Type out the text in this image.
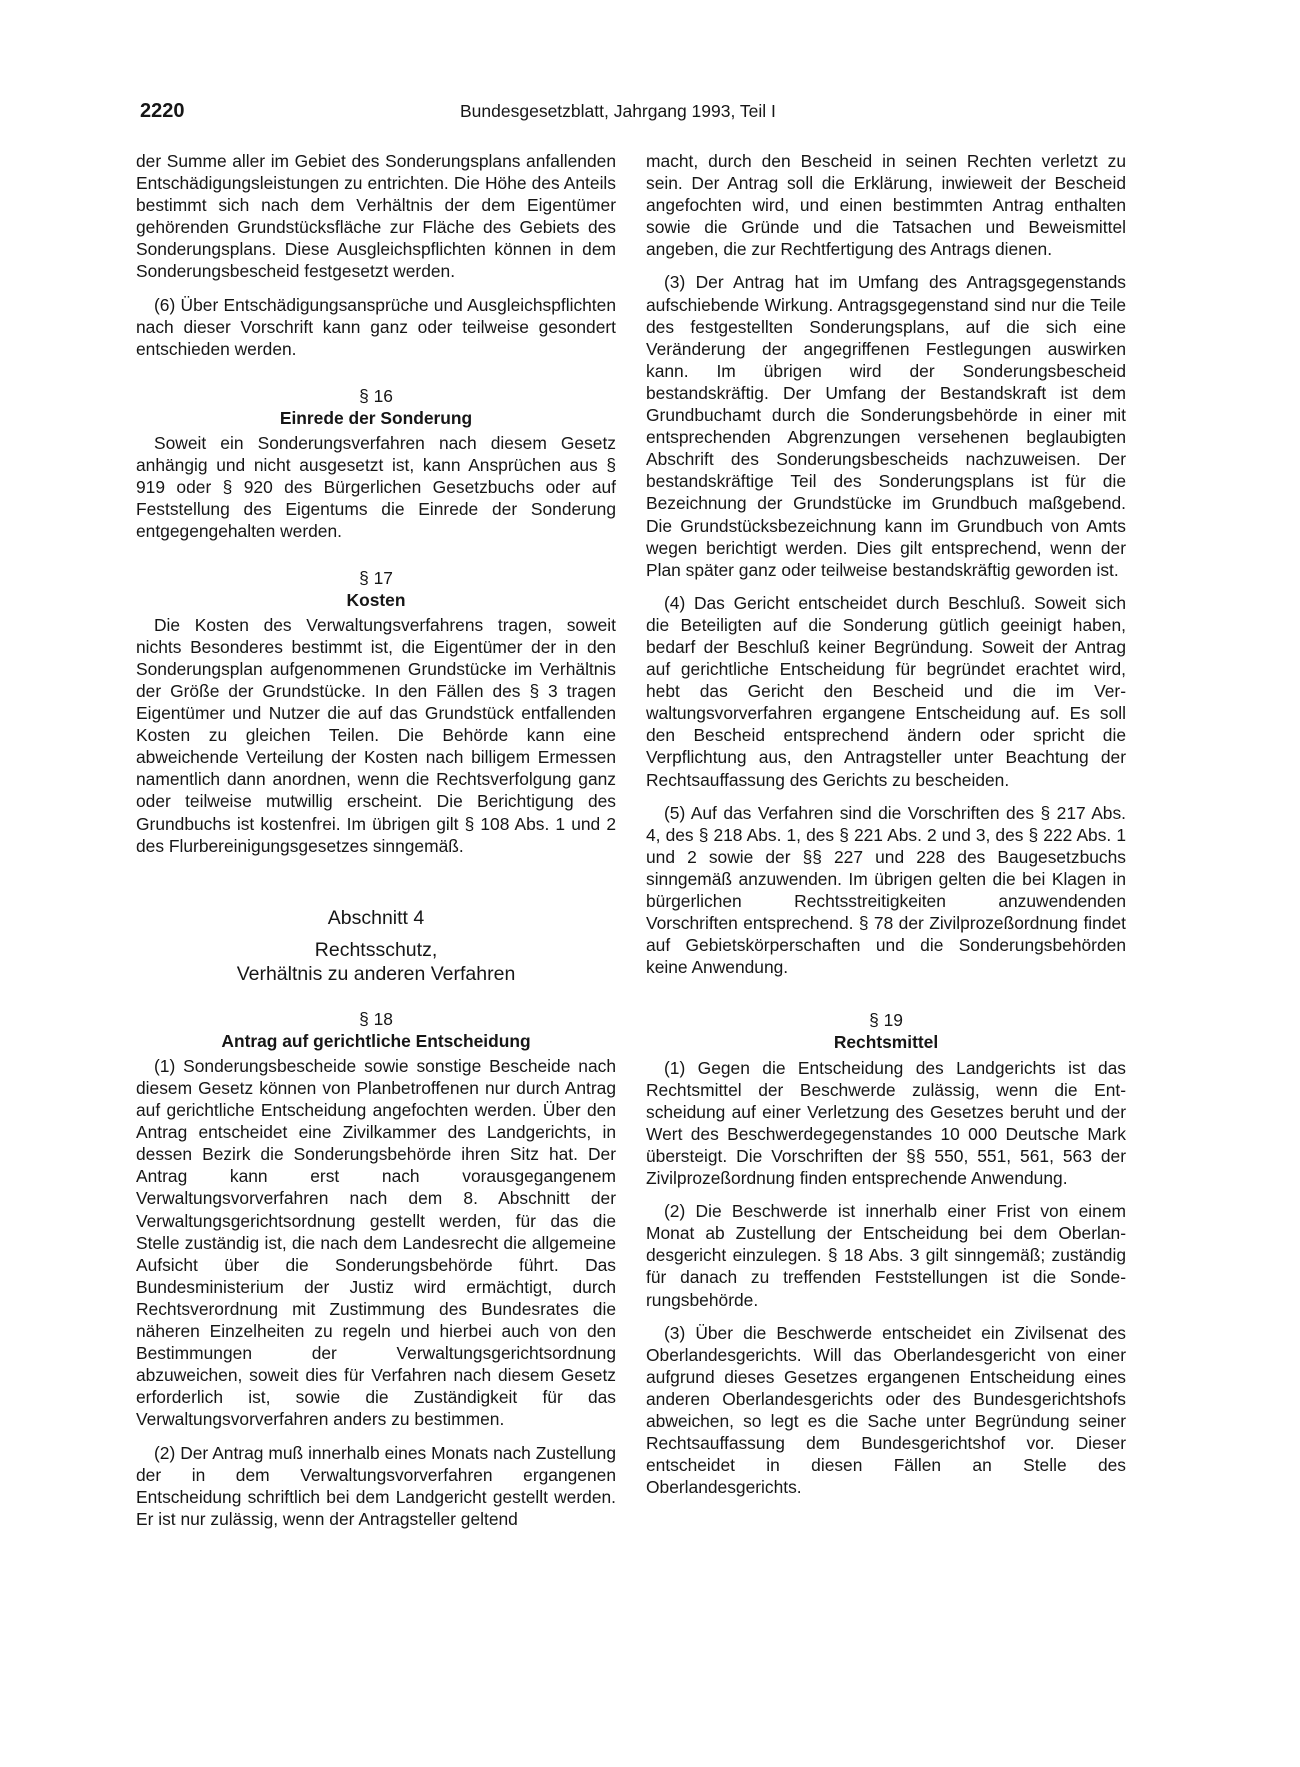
2220	Bundesgesetzblatt, Jahrgang 1993, Teil I

der Summe aller im Gebiet des Sonderungsplans anfallenden Entschädigungsleistungen zu entrichten. Die Höhe des Anteils bestimmt sich nach dem Verhältnis der dem Eigentümer gehörenden Grundstücksfläche zur Fläche des Gebiets des Sonderungsplans. Diese Ausgleichspflichten können in dem Sonderungsbescheid festgesetzt werden.

(6) Über Entschädigungsansprüche und Ausgleichspflichten nach dieser Vorschrift kann ganz oder teilweise gesondert entschieden werden.

§ 16

Einrede der Sonderung

Soweit ein Sonderungsverfahren nach diesem Gesetz anhängig und nicht ausgesetzt ist, kann Ansprüchen aus § 919 oder § 920 des Bürgerlichen Gesetzbuchs oder auf Feststellung des Eigentums die Einrede der Sonderung entgegengehalten werden.

§ 17

Kosten

Die Kosten des Verwaltungsverfahrens tragen, soweit nichts Besonderes bestimmt ist, die Eigentümer der in den Sonderungsplan aufgenommenen Grundstücke im Verhältnis der Größe der Grundstücke. In den Fällen des § 3 tragen Eigentümer und Nutzer die auf das Grundstück entfallenden Kosten zu gleichen Teilen. Die Behörde kann eine abweichende Verteilung der Kosten nach billigem Ermessen namentlich dann anordnen, wenn die Rechtsverfolgung ganz oder teilweise mutwillig erscheint. Die Berichtigung des Grundbuchs ist kostenfrei. Im übrigen gilt § 108 Abs. 1 und 2 des Flurbereinigungsgesetzes sinngemäß.

Abschnitt 4

Rechtsschutz,

Verhältnis zu anderen Verfahren

§ 18

Antrag auf gerichtliche Entscheidung

(1) Sonderungsbescheide sowie sonstige Bescheide nach diesem Gesetz können von Planbetroffenen nur durch Antrag auf gerichtliche Entscheidung angefochten werden. Über den Antrag entscheidet eine Zivilkammer des Landgerichts, in dessen Bezirk die Sonderungsbehörde ihren Sitz hat. Der Antrag kann erst nach vorausgegangenem Verwaltungsvorverfahren nach dem 8. Abschnitt der Verwaltungsgerichtsordnung gestellt werden, für das die Stelle zuständig ist, die nach dem Landesrecht die allgemeine Aufsicht über die Sonderungsbehörde führt. Das Bundesministerium der Justiz wird ermächtigt, durch Rechtsverordnung mit Zustimmung des Bundesrates die näheren Einzelheiten zu regeln und hierbei auch von den Bestimmungen der Verwaltungsgerichtsordnung abzuweichen, soweit dies für Verfahren nach diesem Gesetz erforderlich ist, sowie die Zuständigkeit für das Verwaltungsvorverfahren anders zu bestimmen.

(2) Der Antrag muß innerhalb eines Monats nach Zustellung der in dem Verwaltungsvorverfahren ergangenen Entscheidung schriftlich bei dem Landgericht gestellt werden. Er ist nur zulässig, wenn der Antragsteller geltend

macht, durch den Bescheid in seinen Rechten verletzt zu sein. Der Antrag soll die Erklärung, inwieweit der Bescheid angefochten wird, und einen bestimmten Antrag enthalten sowie die Gründe und die Tatsachen und Beweismittel angeben, die zur Rechtfertigung des Antrags dienen.

(3) Der Antrag hat im Umfang des Antragsgegenstands aufschiebende Wirkung. Antragsgegenstand sind nur die Teile des festgestellten Sonderungsplans, auf die sich eine Veränderung der angegriffenen Festlegungen auswirken kann. Im übrigen wird der Sonderungsbescheid bestandskräftig. Der Umfang der Bestandskraft ist dem Grundbuchamt durch die Sonderungsbehörde in einer mit entsprechenden Abgrenzungen versehenen beglaubigten Abschrift des Sonderungsbescheids nachzuweisen. Der bestandskräftige Teil des Sonderungsplans ist für die Bezeichnung der Grundstücke im Grundbuch maßgebend. Die Grundstücksbezeichnung kann im Grundbuch von Amts wegen berichtigt werden. Dies gilt entsprechend, wenn der Plan später ganz oder teilweise bestandskräftig geworden ist.

(4) Das Gericht entscheidet durch Beschluß. Soweit sich die Beteiligten auf die Sonderung gütlich geeinigt haben, bedarf der Beschluß keiner Begründung. Soweit der Antrag auf gerichtliche Entscheidung für begründet erachtet wird, hebt das Gericht den Bescheid und die im Verwaltungsvorverfahren ergangene Entscheidung auf. Es soll den Bescheid entsprechend ändern oder spricht die Verpflichtung aus, den Antragsteller unter Beachtung der Rechtsauffassung des Gerichts zu bescheiden.

(5) Auf das Verfahren sind die Vorschriften des § 217 Abs. 4, des § 218 Abs. 1, des § 221 Abs. 2 und 3, des § 222 Abs. 1 und 2 sowie der §§ 227 und 228 des Baugesetzbuchs sinngemäß anzuwenden. Im übrigen gelten die bei Klagen in bürgerlichen Rechtsstreitigkeiten anzuwendenden Vorschriften entsprechend. § 78 der Zivilprozeßordnung findet auf Gebietskörperschaften und die Sonderungsbehörden keine Anwendung.

§ 19

Rechtsmittel

(1) Gegen die Entscheidung des Landgerichts ist das Rechtsmittel der Beschwerde zulässig, wenn die Entscheidung auf einer Verletzung des Gesetzes beruht und der Wert des Beschwerdegegenstandes 10 000 Deutsche Mark übersteigt. Die Vorschriften der §§ 550, 551, 561, 563 der Zivilprozeßordnung finden entsprechende Anwendung.

(2) Die Beschwerde ist innerhalb einer Frist von einem Monat ab Zustellung der Entscheidung bei dem Oberlandesgericht einzulegen. § 18 Abs. 3 gilt sinngemäß; zuständig für danach zu treffenden Feststellungen ist die Sonderungsbehörde.

(3) Über die Beschwerde entscheidet ein Zivilsenat des Oberlandesgerichts. Will das Oberlandesgericht von einer aufgrund dieses Gesetzes ergangenen Entscheidung eines anderen Oberlandesgerichts oder des Bundesgerichtshofs abweichen, so legt es die Sache unter Begründung seiner Rechtsauffassung dem Bundesgerichtshof vor. Dieser entscheidet in diesen Fällen an Stelle des Oberlandesgerichts.
